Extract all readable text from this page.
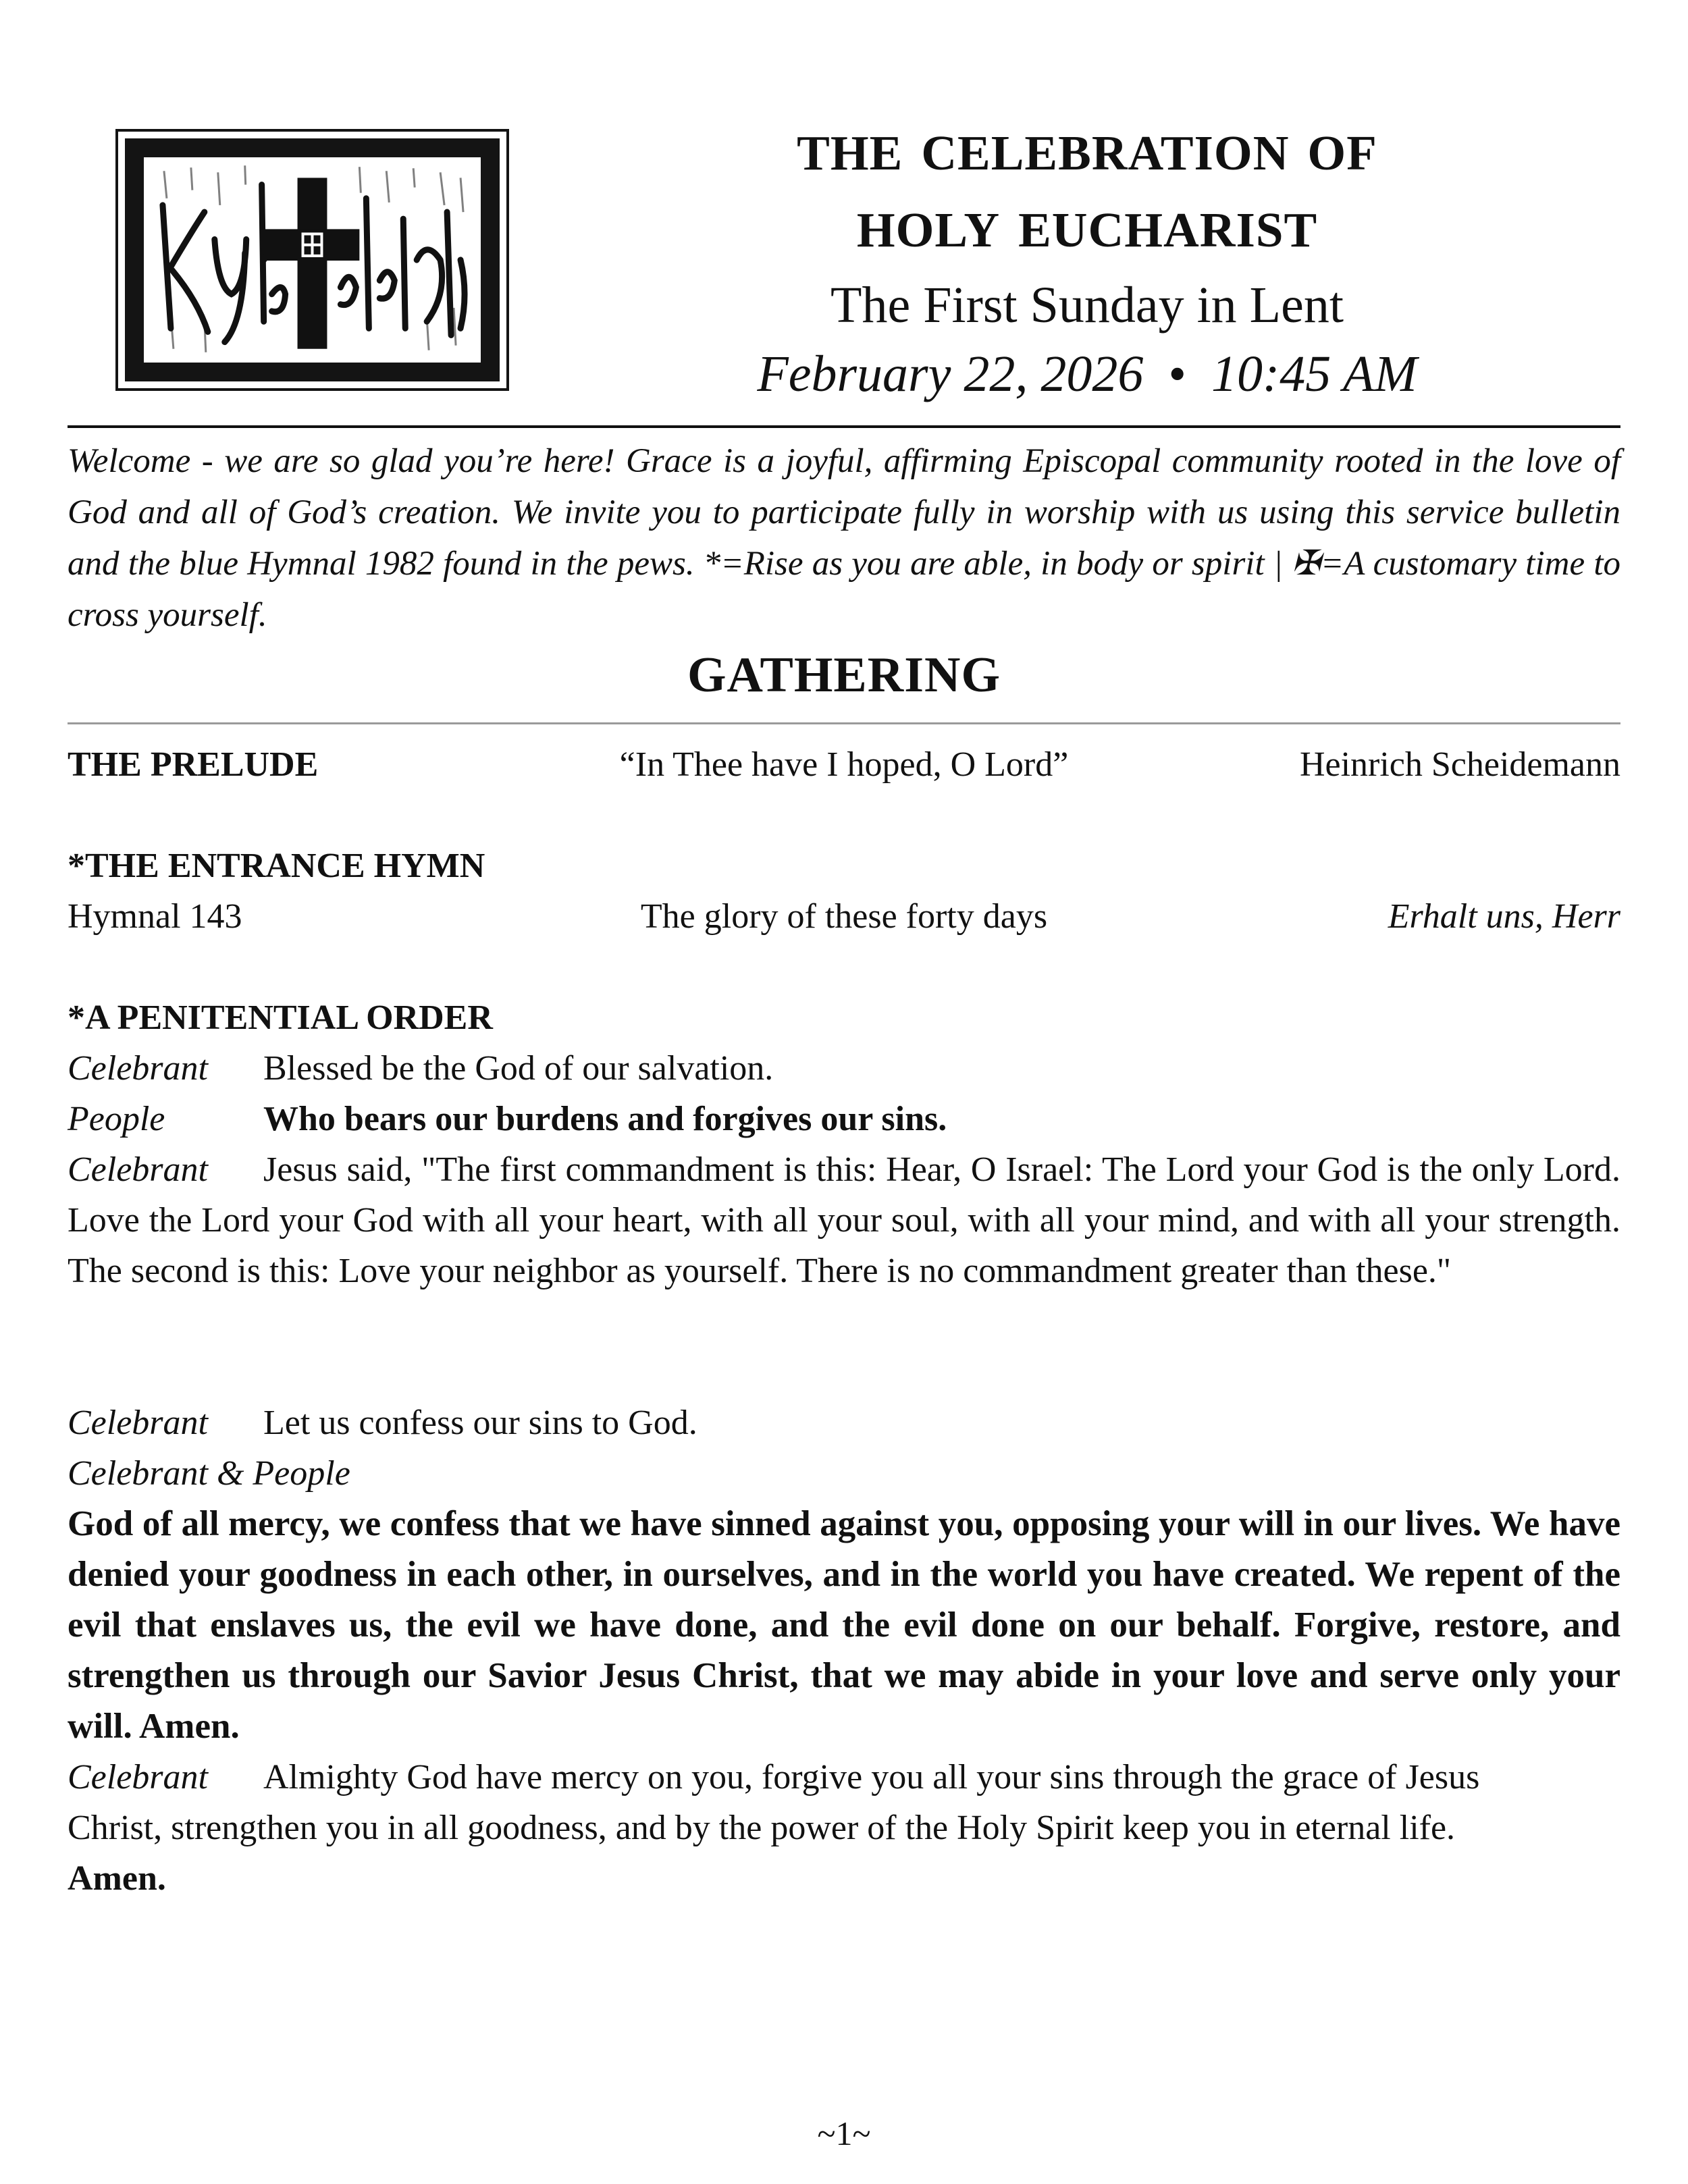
the celebration of
holy eucharist
The First Sunday in Lent
February 22, 2026 • 10:45 AM
Welcome - we are so glad you’re here! Grace is a joyful, affirming Episcopal community rooted in the love of God and all of God’s creation. We invite you to participate fully in worship with us using this service bulletin and the blue Hymnal 1982 found in the pews. *=Rise as you are able, in body or spirit | ✠=A customary time to cross yourself.
GATHERING
THE PRELUDE	“In Thee have I hoped, O Lord”	Heinrich Scheidemann
*THE ENTRANCE HYMN
Hymnal 143	The glory of these forty days	Erhalt uns, Herr
*A PENITENTIAL ORDER
Celebrant Blessed be the God of our salvation.
People	Who bears our burdens and forgives our sins.
Celebrant Jesus said, "The first commandment is this: Hear, O Israel: The Lord your God is the only Lord. Love the Lord your God with all your heart, with all your soul, with all your mind, and with all your strength. The second is this: Love your neighbor as yourself. There is no commandment greater than these."
Celebrant Let us confess our sins to God.
Celebrant & People
God of all mercy, we confess that we have sinned against you, opposing your will in our lives. We have denied your goodness in each other, in ourselves, and in the world you have created. We repent of the evil that enslaves us, the evil we have done, and the evil done on our behalf. Forgive, restore, and strengthen us through our Savior Jesus Christ, that we may abide in your love and serve only your will. Amen.
Celebrant Almighty God have mercy on you, forgive you all your sins through the grace of Jesus Christ, strengthen you in all goodness, and by the power of the Holy Spirit keep you in eternal life.
Amen.
~1~
